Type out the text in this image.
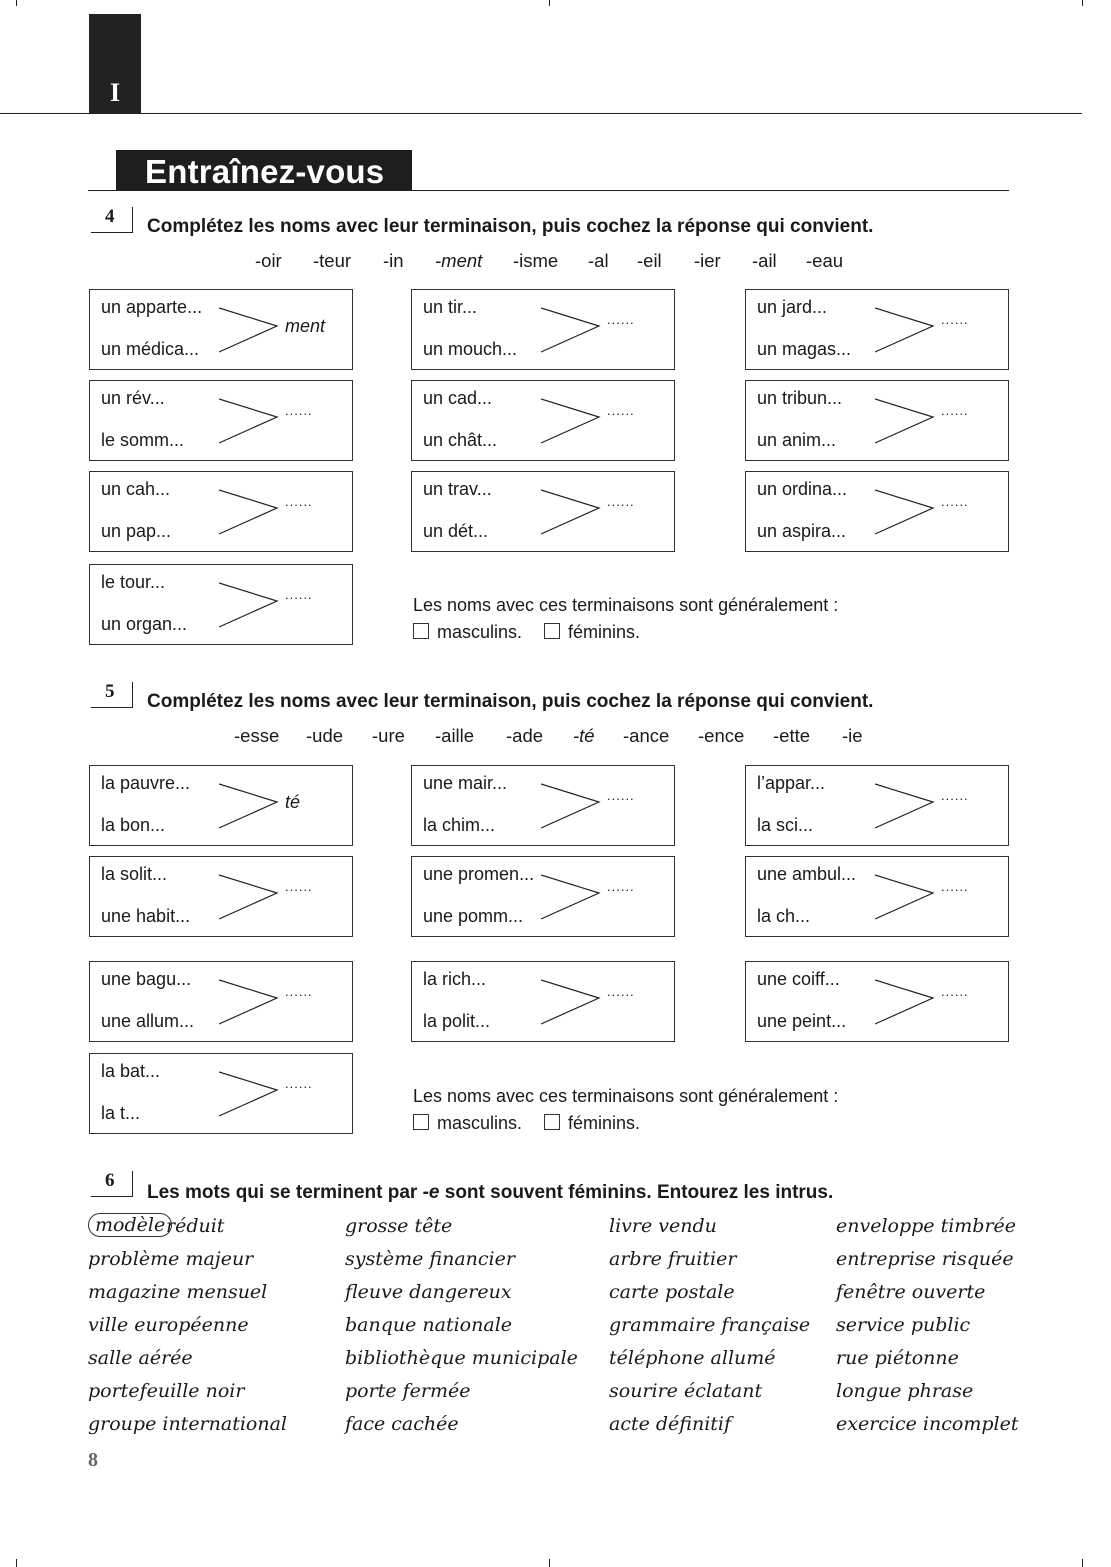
I
Entraînez-vous
4 Complétez les noms avec leur terminaison, puis cochez la réponse qui convient.
-oir -teur -in -ment -isme -al -eil -ier -ail -eau
un apparte...
un médica...
ment
un tir...
un mouch...
......
un jard...
un magas...
......
un rév...
le somm...
......
un cad...
un chât...
......
un tribun...
un anim...
......
un cah...
un pap...
......
un trav...
un dét...
......
un ordina...
un aspira...
......
le tour...
un organ...
......
Les noms avec ces terminaisons sont généralement :
masculins.	féminins.
5 Complétez les noms avec leur terminaison, puis cochez la réponse qui convient.
-esse -ude -ure -aille -ade -té -ance -ence -ette -ie
la pauvre...
la bon...
té
une mair...
la chim...
......
l’appar...
la sci...
......
la solit...
une habit...
......
une promen...
une pomm...
......
une ambul...
la ch...
......
une bagu...
une allum...
......
la rich...
la polit...
......
une coiff...
une peint...
......
la bat...
la t...
......
Les noms avec ces terminaisons sont généralement :
masculins.	féminins.
6
Les mots qui se terminent par -e sont souvent féminins. Entourez les intrus.
modèle réduit
problème majeur
magazine mensuel
ville européenne
salle aérée
portefeuille noir
groupe international
grosse tête
système financier
fleuve dangereux
banque nationale
bibliothèque municipale
porte fermée
face cachée
livre vendu
arbre fruitier
carte postale
grammaire française
téléphone allumé
sourire éclatant
acte définitif
enveloppe timbrée
entreprise risquée
fenêtre ouverte
service public
rue piétonne
longue phrase
exercice incomplet
8
